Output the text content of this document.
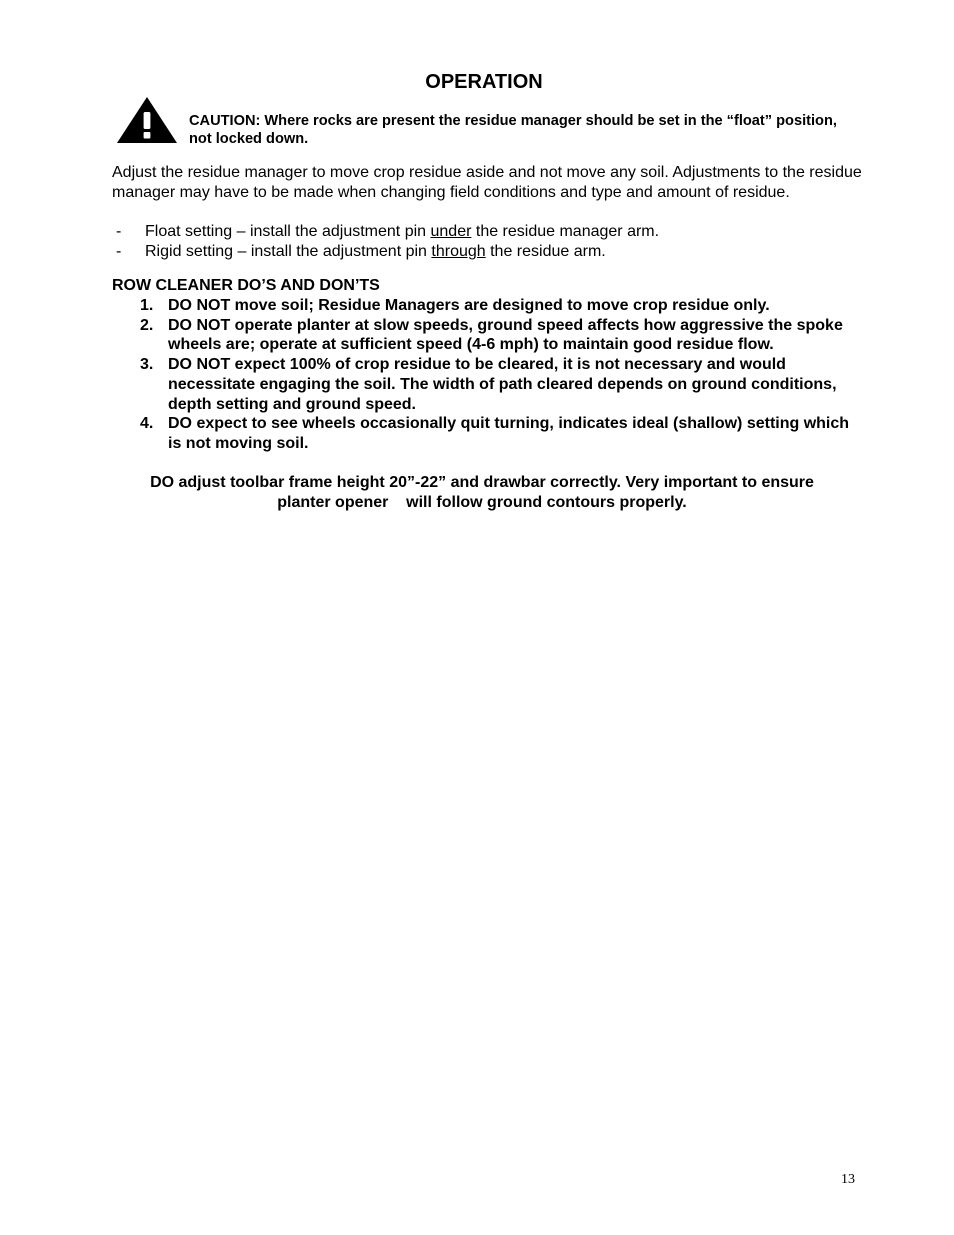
OPERATION
CAUTION: Where rocks are present the residue manager should be set in the “float” position, not locked down.
Adjust the residue manager to move crop residue aside and not move any soil. Adjustments to the residue manager may have to be made when changing field conditions and type and amount of residue.
- Float setting – install the adjustment pin under the residue manager arm.
- Rigid setting – install the adjustment pin through the residue arm.
ROW CLEANER DO’S AND DON’TS
1. DO NOT move soil; Residue Managers are designed to move crop residue only.
2. DO NOT operate planter at slow speeds, ground speed affects how aggressive the spoke wheels are; operate at sufficient speed (4-6 mph) to maintain good residue flow.
3. DO NOT expect 100% of crop residue to be cleared, it is not necessary and would necessitate engaging the soil. The width of path cleared depends on ground conditions, depth setting and ground speed.
4. DO expect to see wheels occasionally quit turning, indicates ideal (shallow) setting which is not moving soil.
DO adjust toolbar frame height 20”-22” and drawbar correctly. Very important to ensure
planter opener    will follow ground contours properly.
13
